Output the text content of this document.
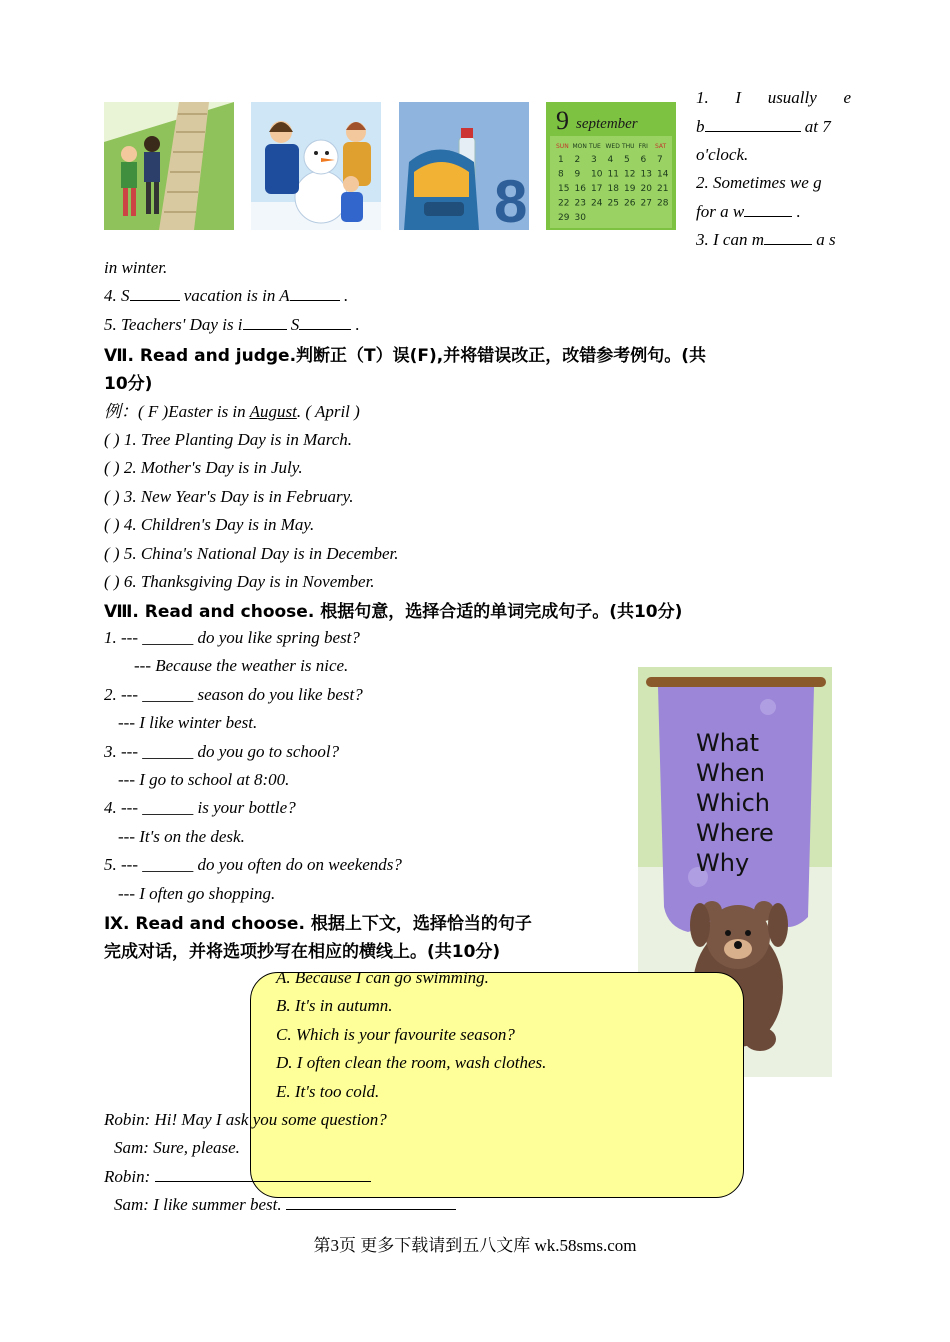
8
9 september
SUN MON TUE WED THU FRI SAT
1 2 3 4 5 6 7
8 9 10 11 12 13 14
15 16 17 18 19 20 21
22 23 24 25 26 27 28
29 30
1. I usually e
b	at 7
o'clock.
2. Sometimes we g
for a w	.
3. I can m	a s
in winter.
4. S	vacation is in A	.
5. Teachers' Day is i	S	.
Ⅶ. Read and judge.判断正（T）误(F),并将错误改正，改错参考例句。(共
10分)
例：( F )Easter is in August. ( April )
( ) 1. Tree Planting Day is in March.
( ) 2. Mother's Day is in July.
( ) 3. New Year's Day is in February.
( ) 4. Children's Day is in May.
( ) 5. China's National Day is in December.
( ) 6. Thanksgiving Day is in November.
Ⅷ. Read and choose. 根据句意，选择合适的单词完成句子。(共10分)
1. --- ______ do you like spring best?
--- Because the weather is nice.
2. --- ______ season do you like best?
--- I like winter best.
3. --- ______ do you go to school?
--- I go to school at 8:00.
4. --- ______ is your bottle?
--- It's on the desk.
5. --- ______ do you often do on weekends?
--- I often go shopping.
What
When
Which
Where
Why
Ⅸ. Read and choose. 根据上下文，选择恰当的句子
完成对话，并将选项抄写在相应的横线上。(共10分)
A. Because I can go swimming.
B. It's in autumn.
C. Which is your favourite season?
D. I often clean the room, wash clothes.
E. It's too cold.
Robin: Hi! May I ask you some question?
Sam: Sure, please.
Robin:
Sam: I like summer best.
第3页 更多下载请到五八文库 wk.58sms.com
